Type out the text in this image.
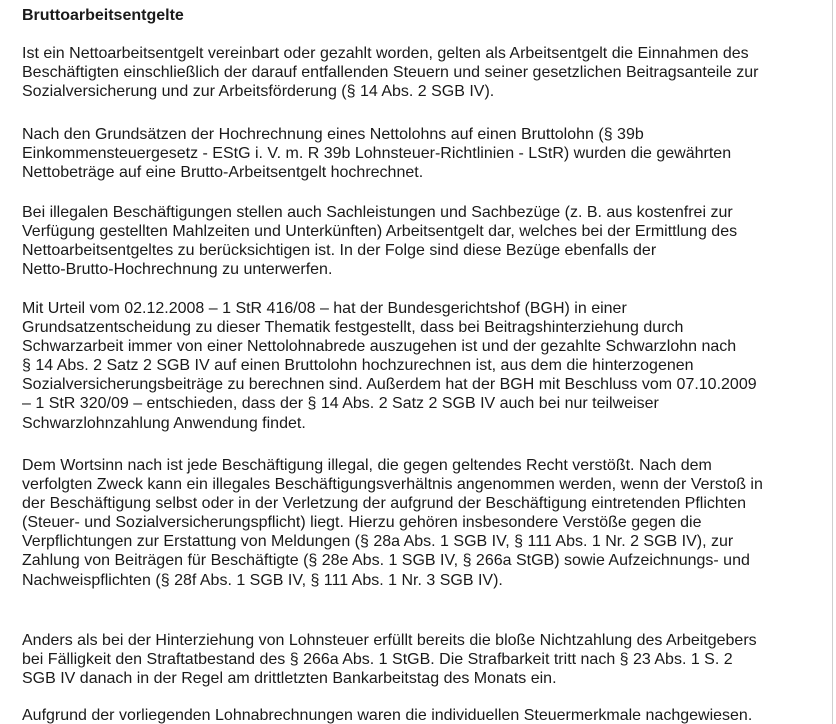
Bruttoarbeitsentgelte

Ist ein Nettoarbeitsentgelt vereinbart oder gezahlt worden, gelten als Arbeitsentgelt die Einnahmen des
Beschäftigten einschließlich der darauf entfallenden Steuern und seiner gesetzlichen Beitragsanteile zur
Sozialversicherung und zur Arbeitsförderung (§ 14 Abs. 2 SGB IV).

Nach den Grundsätzen der Hochrechnung eines Nettolohns auf einen Bruttolohn (§ 39b
Einkommensteuergesetz - EStG i. V. m. R 39b Lohnsteuer-Richtlinien - LStR) wurden die gewährten
Nettobeträge auf eine Brutto-Arbeitsentgelt hochrechnet.

Bei illegalen Beschäftigungen stellen auch Sachleistungen und Sachbezüge (z. B. aus kostenfrei zur
Verfügung gestellten Mahlzeiten und Unterkünften) Arbeitsentgelt dar, welches bei der Ermittlung des
Nettoarbeitsentgeltes zu berücksichtigen ist. In der Folge sind diese Bezüge ebenfalls der
Netto-Brutto-Hochrechnung zu unterwerfen.

Mit Urteil vom 02.12.2008 – 1 StR 416/08 – hat der Bundesgerichtshof (BGH) in einer
Grundsatzentscheidung zu dieser Thematik festgestellt, dass bei Beitragshinterziehung durch
Schwarzarbeit immer von einer Nettolohnabrede auszugehen ist und der gezahlte Schwarzlohn nach
§ 14 Abs. 2 Satz 2 SGB IV auf einen Bruttolohn hochzurechnen ist, aus dem die hinterzogenen
Sozialversicherungsbeiträge zu berechnen sind. Außerdem hat der BGH mit Beschluss vom 07.10.2009
– 1 StR 320/09 – entschieden, dass der § 14 Abs. 2 Satz 2 SGB IV auch bei nur teilweiser
Schwarzlohnzahlung Anwendung findet.

Dem Wortsinn nach ist jede Beschäftigung illegal, die gegen geltendes Recht verstößt. Nach dem
verfolgten Zweck kann ein illegales Beschäftigungsverhältnis angenommen werden, wenn der Verstoß in
der Beschäftigung selbst oder in der Verletzung der aufgrund der Beschäftigung eintretenden Pflichten
(Steuer- und Sozialversicherungspflicht) liegt. Hierzu gehören insbesondere Verstöße gegen die
Verpflichtungen zur Erstattung von Meldungen (§ 28a Abs. 1 SGB IV, § 111 Abs. 1 Nr. 2 SGB IV), zur
Zahlung von Beiträgen für Beschäftigte (§ 28e Abs. 1 SGB IV, § 266a StGB) sowie Aufzeichnungs- und
Nachweispflichten (§ 28f Abs. 1 SGB IV, § 111 Abs. 1 Nr. 3 SGB IV).

Anders als bei der Hinterziehung von Lohnsteuer erfüllt bereits die bloße Nichtzahlung des Arbeitgebers
bei Fälligkeit den Straftatbestand des § 266a Abs. 1 StGB. Die Strafbarkeit tritt nach § 23 Abs. 1 S. 2
SGB IV danach in der Regel am drittletzten Bankarbeitstag des Monats ein.

Aufgrund der vorliegenden Lohnabrechnungen waren die individuellen Steuermerkmale nachgewiesen.
